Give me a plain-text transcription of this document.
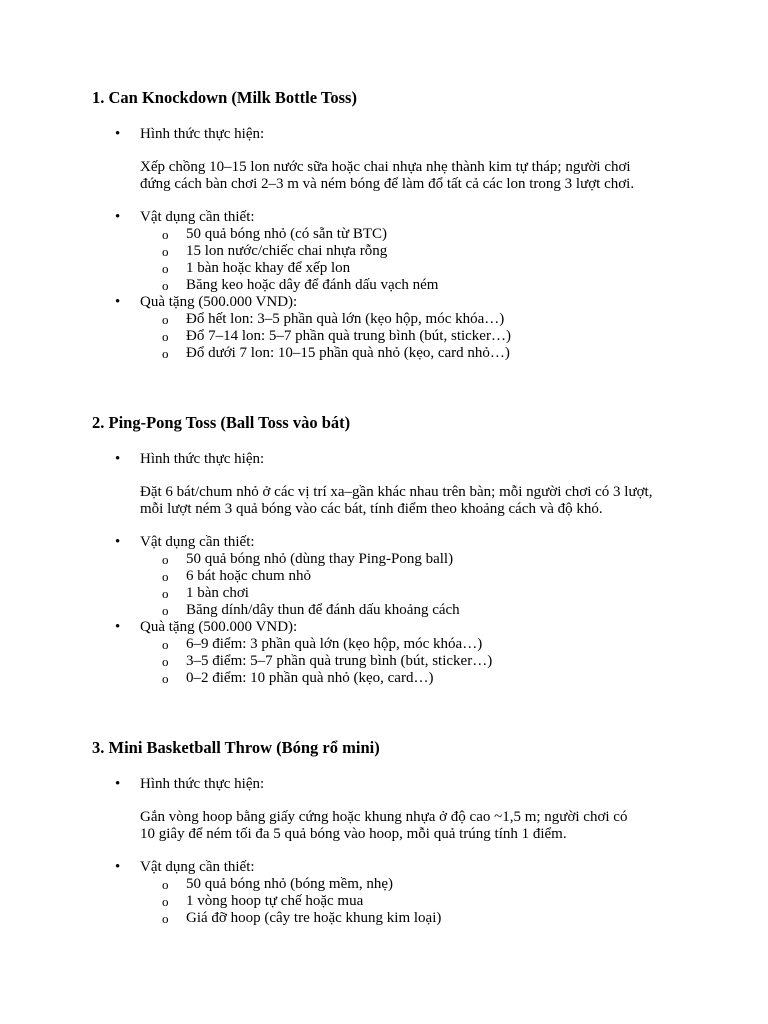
1. Can Knockdown (Milk Bottle Toss)

• Hình thức thực hiện:

Xếp chồng 10–15 lon nước sữa hoặc chai nhựa nhẹ thành kim tự tháp; người chơi

đứng cách bàn chơi 2–3 m và ném bóng để làm đổ tất cả các lon trong 3 lượt chơi.

• Vật dụng cần thiết:

o 50 quả bóng nhỏ (có sẵn từ BTC)

o 15 lon nước/chiếc chai nhựa rỗng

o 1 bàn hoặc khay để xếp lon

o Băng keo hoặc dây để đánh dấu vạch ném

• Quà tặng (500.000 VND):

o Đổ hết lon: 3–5 phần quà lớn (kẹo hộp, móc khóa…)

o Đổ 7–14 lon: 5–7 phần quà trung bình (bút, sticker…)

o Đổ dưới 7 lon: 10–15 phần quà nhỏ (kẹo, card nhỏ…)

2. Ping-Pong Toss (Ball Toss vào bát)

• Hình thức thực hiện:

Đặt 6 bát/chum nhỏ ở các vị trí xa–gần khác nhau trên bàn; mỗi người chơi có 3 lượt,

mỗi lượt ném 3 quả bóng vào các bát, tính điểm theo khoảng cách và độ khó.

• Vật dụng cần thiết:

o 50 quả bóng nhỏ (dùng thay Ping-Pong ball)

o 6 bát hoặc chum nhỏ

o 1 bàn chơi

o Băng dính/dây thun để đánh dấu khoảng cách

• Quà tặng (500.000 VND):

o 6–9 điểm: 3 phần quà lớn (kẹo hộp, móc khóa…)

o 3–5 điểm: 5–7 phần quà trung bình (bút, sticker…)

o 0–2 điểm: 10 phần quà nhỏ (kẹo, card…)

3. Mini Basketball Throw (Bóng rổ mini)

• Hình thức thực hiện:

Gắn vòng hoop bằng giấy cứng hoặc khung nhựa ở độ cao ~1,5 m; người chơi có

10 giây để ném tối đa 5 quả bóng vào hoop, mỗi quả trúng tính 1 điểm.

• Vật dụng cần thiết:

o 50 quả bóng nhỏ (bóng mềm, nhẹ)

o 1 vòng hoop tự chế hoặc mua

o Giá đỡ hoop (cây tre hoặc khung kim loại)
